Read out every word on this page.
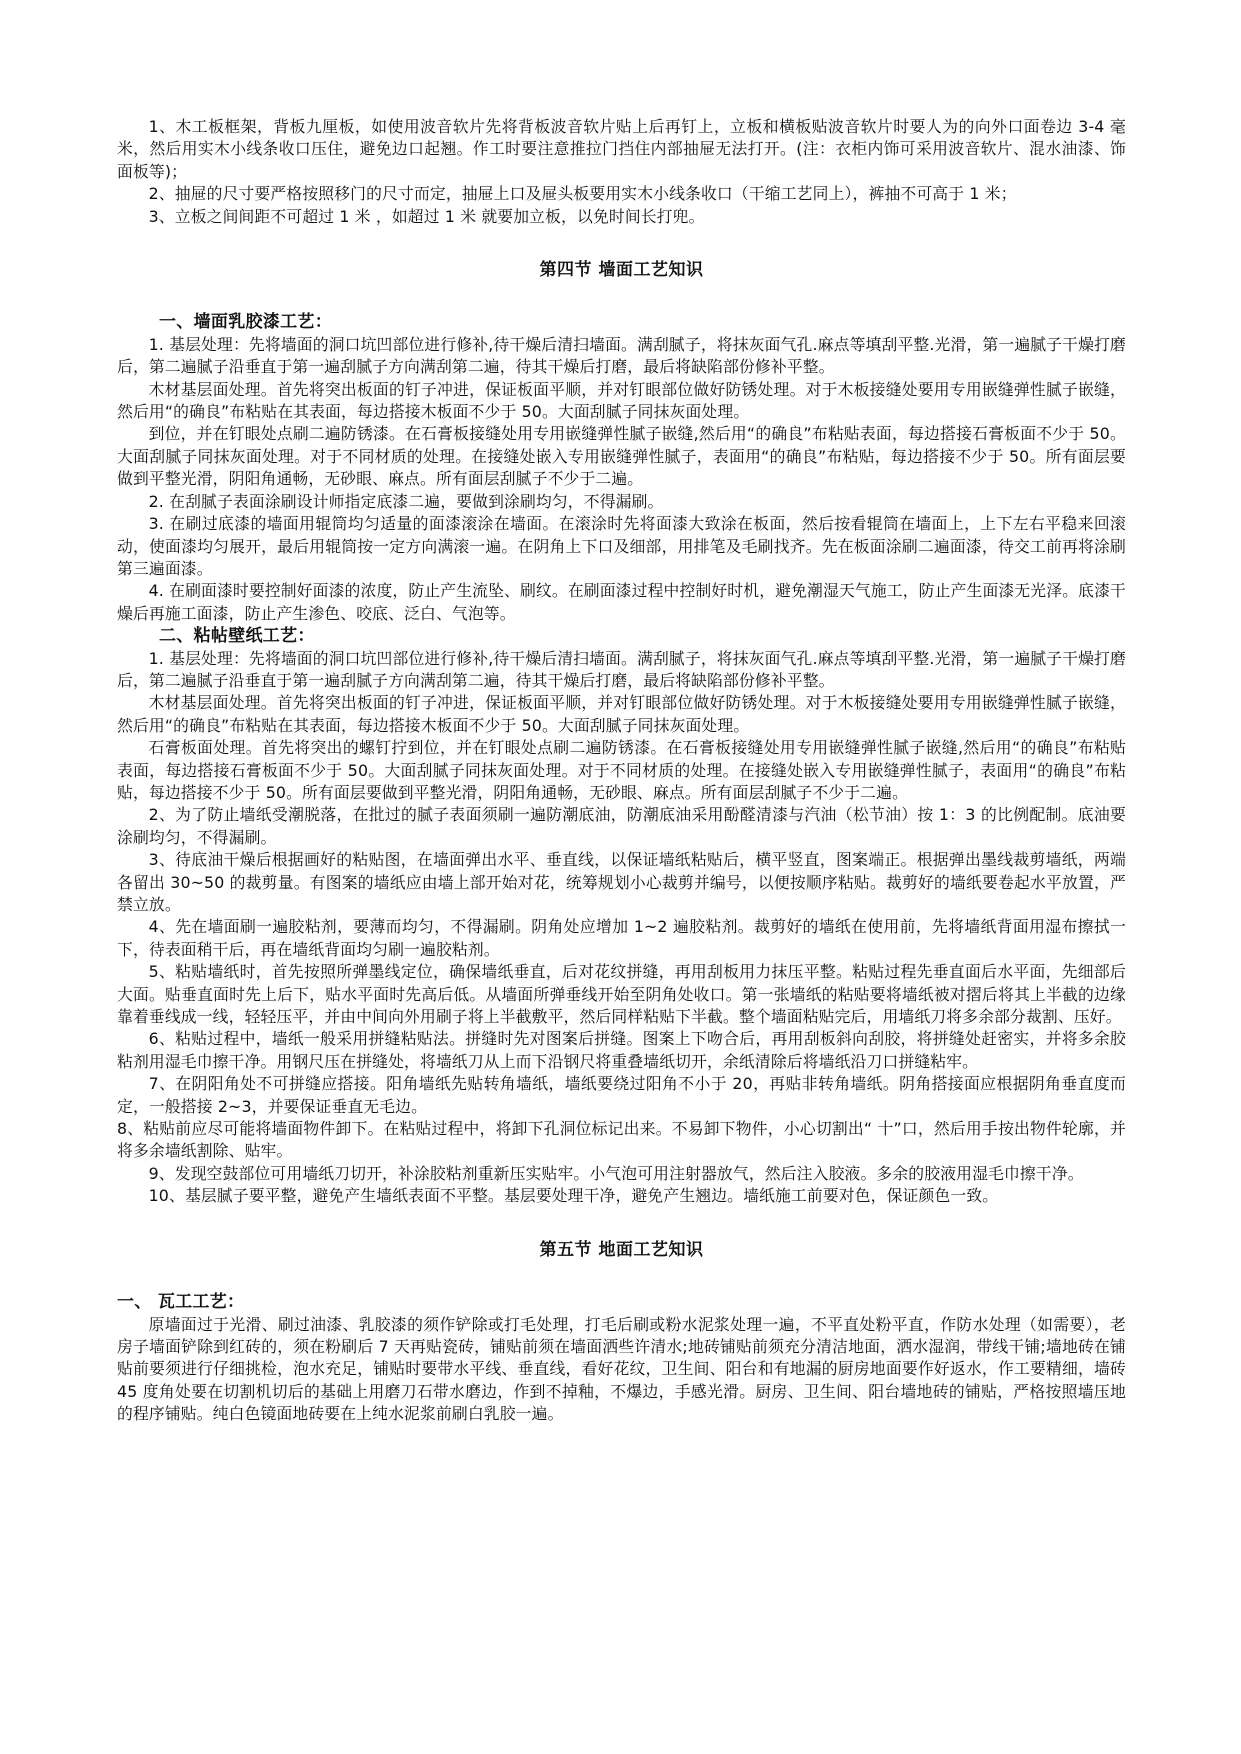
1、木工板框架，背板九厘板，如使用波音软片先将背板波音软片贴上后再钉上，立板和横板贴波音软片时要人为的向外口面卷边 3-4 毫米，然后用实木小线条收口压住，避免边口起翘。作工时要注意推拉门挡住内部抽屉无法打开。(注：衣柜内饰可采用波音软片、混水油漆、饰面板等)；

2、抽屉的尺寸要严格按照移门的尺寸而定，抽屉上口及屉头板要用实木小线条收口（干缩工艺同上），裤抽不可高于 1 米；

3、立板之间间距不可超过 1 米 ，如超过 1 米 就要加立板，以免时间长打兜。

第四节 墙面工艺知识
一、墙面乳胶漆工艺：

1. 基层处理：先将墙面的洞口坑凹部位进行修补,待干燥后清扫墙面。满刮腻子，将抹灰面气孔.麻点等填刮平整.光滑，第一遍腻子干燥打磨后，第二遍腻子沿垂直于第一遍刮腻子方向满刮第二遍，待其干燥后打磨，最后将缺陷部份修补平整。

木材基层面处理。首先将突出板面的钉子冲进，保证板面平顺，并对钉眼部位做好防锈处理。对于木板接缝处要用专用嵌缝弹性腻子嵌缝，然后用“的确良”布粘贴在其表面，每边搭接木板面不少于 50。大面刮腻子同抹灰面处理。

到位，并在钉眼处点刷二遍防锈漆。在石膏板接缝处用专用嵌缝弹性腻子嵌缝,然后用“的确良”布粘贴表面，每边搭接石膏板面不少于 50。大面刮腻子同抹灰面处理。对于不同材质的处理。在接缝处嵌入专用嵌缝弹性腻子，表面用“的确良”布粘贴，每边搭接不少于 50。所有面层要做到平整光滑，阴阳角通畅，无砂眼、麻点。所有面层刮腻子不少于二遍。

2. 在刮腻子表面涂刷设计师指定底漆二遍，要做到涂刷均匀，不得漏刷。

3. 在刷过底漆的墙面用辊筒均匀适量的面漆滚涂在墙面。在滚涂时先将面漆大致涂在板面，然后按看辊筒在墙面上，上下左右平稳来回滚动，使面漆均匀展开，最后用辊筒按一定方向满滚一遍。在阴角上下口及细部，用排笔及毛刷找齐。先在板面涂刷二遍面漆，待交工前再将涂刷第三遍面漆。

4. 在刷面漆时要控制好面漆的浓度，防止产生流坠、刷纹。在刷面漆过程中控制好时机，避免潮湿天气施工，防止产生面漆无光泽。底漆干燥后再施工面漆，防止产生渗色、咬底、泛白、气泡等。

二、粘帖壁纸工艺：

1. 基层处理：先将墙面的洞口坑凹部位进行修补,待干燥后清扫墙面。满刮腻子，将抹灰面气孔.麻点等填刮平整.光滑，第一遍腻子干燥打磨后，第二遍腻子沿垂直于第一遍刮腻子方向满刮第二遍，待其干燥后打磨，最后将缺陷部份修补平整。

木材基层面处理。首先将突出板面的钉子冲进，保证板面平顺，并对钉眼部位做好防锈处理。对于木板接缝处要用专用嵌缝弹性腻子嵌缝，然后用“的确良”布粘贴在其表面，每边搭接木板面不少于 50。大面刮腻子同抹灰面处理。

石膏板面处理。首先将突出的螺钉拧到位，并在钉眼处点刷二遍防锈漆。在石膏板接缝处用专用嵌缝弹性腻子嵌缝,然后用“的确良”布粘贴表面，每边搭接石膏板面不少于 50。大面刮腻子同抹灰面处理。对于不同材质的处理。在接缝处嵌入专用嵌缝弹性腻子，表面用“的确良”布粘贴，每边搭接不少于 50。所有面层要做到平整光滑，阴阳角通畅，无砂眼、麻点。所有面层刮腻子不少于二遍。

2、为了防止墙纸受潮脱落，在批过的腻子表面须刷一遍防潮底油，防潮底油采用酚醛清漆与汽油（松节油）按 1：3 的比例配制。底油要涂刷均匀，不得漏刷。

3、待底油干燥后根据画好的粘贴图，在墙面弹出水平、垂直线，以保证墙纸粘贴后，横平竖直，图案端正。根据弹出墨线裁剪墙纸，两端各留出 30~50 的裁剪量。有图案的墙纸应由墙上部开始对花，统筹规划小心裁剪并编号，以便按顺序粘贴。裁剪好的墙纸要卷起水平放置，严禁立放。

4、先在墙面刷一遍胶粘剂，要薄而均匀，不得漏刷。阴角处应增加 1~2 遍胶粘剂。裁剪好的墙纸在使用前，先将墙纸背面用湿布擦拭一下，待表面稍干后，再在墙纸背面均匀刷一遍胶粘剂。

5、粘贴墙纸时，首先按照所弹墨线定位，确保墙纸垂直，后对花纹拼缝，再用刮板用力抹压平整。粘贴过程先垂直面后水平面，先细部后大面。贴垂直面时先上后下，贴水平面时先高后低。从墙面所弹垂线开始至阴角处收口。第一张墙纸的粘贴要将墙纸被对摺后将其上半截的边缘靠着垂线成一线，轻轻压平，并由中间向外用刷子将上半截敷平，然后同样粘贴下半截。整个墙面粘贴完后，用墙纸刀将多余部分裁割、压好。

6、粘贴过程中，墙纸一般采用拼缝粘贴法。拼缝时先对图案后拼缝。图案上下吻合后，再用刮板斜向刮胶，将拼缝处赶密实，并将多余胶粘剂用湿毛巾擦干净。用钢尺压在拼缝处，将墙纸刀从上而下沿钢尺将重叠墙纸切开，余纸清除后将墙纸沿刀口拼缝粘牢。

7、在阴阳角处不可拼缝应搭接。阳角墙纸先贴转角墙纸，墙纸要绕过阳角不小于 20，再贴非转角墙纸。阴角搭接面应根据阴角垂直度而定，一般搭接 2~3，并要保证垂直无毛边。

8、粘贴前应尽可能将墙面物件卸下。在粘贴过程中，将卸下孔洞位标记出来。不易卸下物件，小心切割出“ 十”口，然后用手按出物件轮廓，并将多余墙纸割除、贴牢。

9、发现空鼓部位可用墙纸刀切开，补涂胶粘剂重新压实贴牢。小气泡可用注射器放气，然后注入胶液。多余的胶液用湿毛巾擦干净。

10、基层腻子要平整，避免产生墙纸表面不平整。基层要处理干净，避免产生翘边。墙纸施工前要对色，保证颜色一致。

第五节 地面工艺知识
一、 瓦工工艺：

原墙面过于光滑、刷过油漆、乳胶漆的须作铲除或打毛处理，打毛后刷或粉水泥浆处理一遍，不平直处粉平直，作防水处理（如需要），老房子墙面铲除到红砖的，须在粉刷后 7 天再贴瓷砖，铺贴前须在墙面洒些许清水;地砖铺贴前须充分清洁地面，洒水湿润，带线干铺;墙地砖在铺贴前要须进行仔细挑检，泡水充足，铺贴时要带水平线、垂直线，看好花纹，卫生间、阳台和有地漏的厨房地面要作好返水，作工要精细，墙砖 45 度角处要在切割机切后的基础上用磨刀石带水磨边，作到不掉釉，不爆边，手感光滑。厨房、卫生间、阳台墙地砖的铺贴，严格按照墙压地的程序铺贴。纯白色镜面地砖要在上纯水泥浆前刷白乳胶一遍。
